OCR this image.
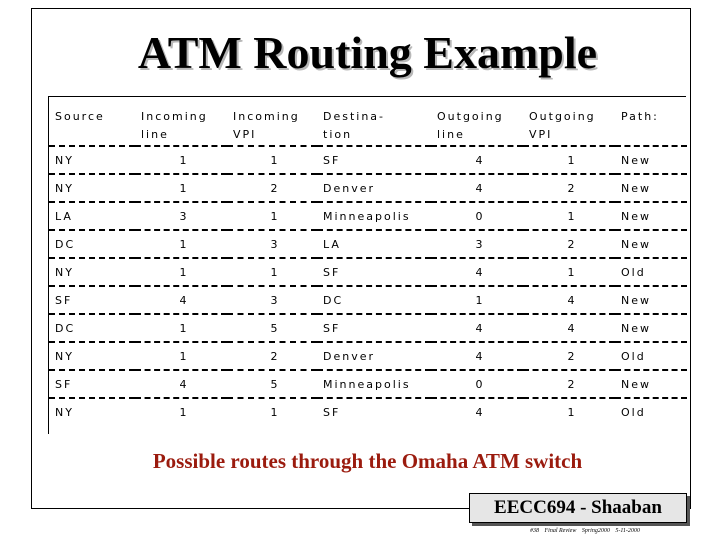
ATM Routing Example
Source	Incoming	Incoming	Destina-	Outgoing	Outgoing	Path:
	line	VPI	tion	line	VPI	
NY	1	1	SF	4	1	New
NY	1	2	Denver	4	2	New
LA	3	1	Minneapolis	0	1	New
DC	1	3	LA	3	2	New
NY	1	1	SF	4	1	Old
SF	4	3	DC	1	4	New
DC	1	5	SF	4	4	New
NY	1	2	Denver	4	2	Old
SF	4	5	Minneapolis	0	2	New
NY	1	1	SF	4	1	Old

Possible routes through the Omaha ATM switch

EECC694 - Shaaban
#38 Final Review Spring2000 5-11-2000
